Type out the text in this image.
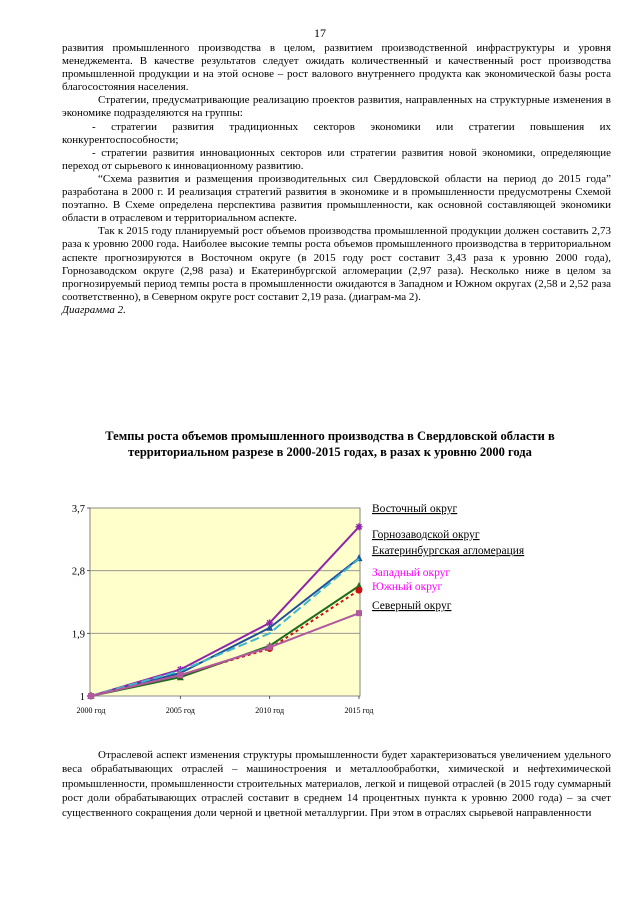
17

развития промышленного производства в целом, развитием производственной инфраструктуры и уровня менеджемента. В качестве результатов следует ожидать количественный и качественный рост производства промышленной продукции и на этой основе – рост валового внутреннего продукта как экономической базы роста благосостояния населения.

Стратегии, предусматривающие реализацию проектов развития, направленных на структурные изменения в экономике подразделяются на группы:

- стратегии развития традиционных секторов экономики или стратегии повышения их конкурентоспособности;

- стратегии развития инновационных секторов или стратегии развития новой экономики, определяющие переход от сырьевого к инновационному развитию.

“Схема развития и размещения производительных сил Свердловской области на период до 2015 года” разработана в 2000 г. И реализация стратегий развития в экономике и в промышленности предусмотрены Схемой поэтапно. В Схеме определена перспектива развития промышленности, как основной составляющей экономики области в отраслевом и территориальном аспекте.

Так к 2015 году планируемый рост объемов производства промышленной продукции должен составить 2,73 раза к уровню 2000 года. Наиболее высокие темпы роста объемов промышленного производства в территориальном аспекте прогнозируются в Восточном округе (в 2015 году рост составит 3,43 раза к уровню 2000 года), Горнозаводском округе (2,98 раза) и Екатеринбургской агломерации (2,97 раза). Несколько ниже в целом за прогнозируемый период темпы роста в промышленности ожидаются в Западном и Южном округах (2,58 и 2,52 раза соответственно), в Северном округе рост составит 2,19 раза. (диаграм-ма 2).

Диаграмма 2.

Темпы роста объемов промышленного производства в Свердловской области в территориальном разрезе в 2000-2015 годах, в разах к уровню 2000 года
1
1,9
2,8
3,7
2000 год	2005 год	2010 год	2015 год
Восточный округ
Горнозаводской округ
Екатеринбургская агломерация
Западный округ
Южный округ
Северный округ

Отраслевой аспект изменения структуры промышленности будет характеризоваться увеличением удельного веса обрабатывающих отраслей – машиностроения и металлообработки, химической и нефтехимической промышленности, промышленности строительных материалов, легкой и пищевой отраслей (в 2015 году суммарный рост доли обрабатывающих отраслей составит в среднем 14 процентных пункта к уровню 2000 года) – за счет существенного сокращения доли черной и цветной металлургии. При этом в отраслях сырьевой направленности
